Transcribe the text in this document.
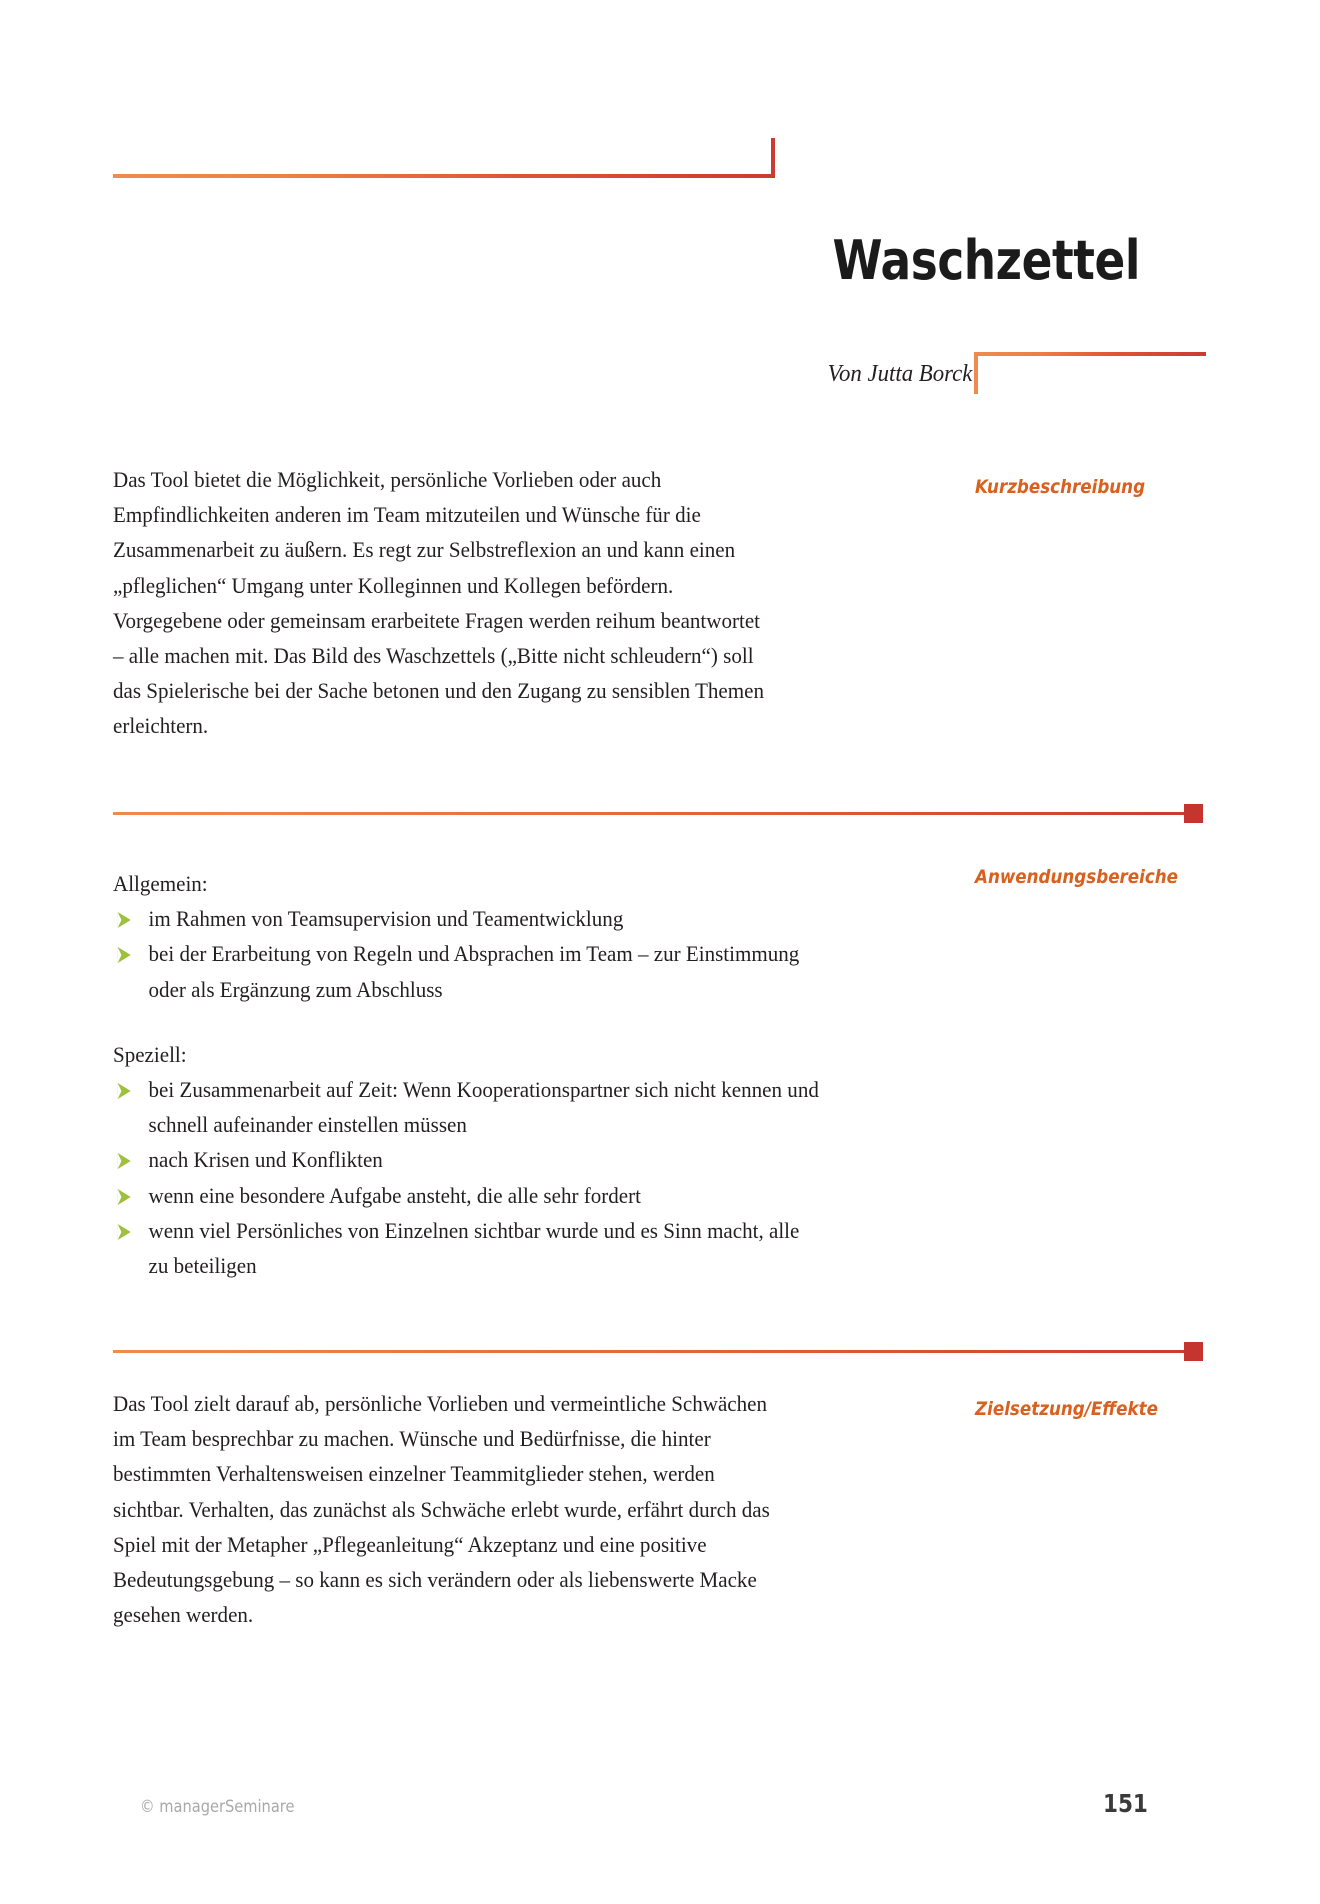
Waschzettel
Von Jutta Borck
Kurzbeschreibung

Das Tool bietet die Möglichkeit, persönliche Vorlieben oder auch Empfindlichkeiten anderen im Team mitzuteilen und Wünsche für die Zusammenarbeit zu äußern. Es regt zur Selbstreflexion an und kann einen „pfleglichen“ Umgang unter Kolleginnen und Kollegen befördern. Vorgegebene oder gemeinsam erarbeitete Fragen werden reihum beantwortet – alle machen mit. Das Bild des Waschzettels („Bitte nicht schleudern“) soll das Spielerische bei der Sache betonen und den Zugang zu sensiblen Themen erleichtern.

Anwendungsbereiche
Allgemein:
im Rahmen von Teamsupervision und Teamentwicklung
bei der Erarbeitung von Regeln und Absprachen im Team – zur Einstimmung oder als Ergänzung zum Abschluss
Speziell:
bei Zusammenarbeit auf Zeit: Wenn Kooperationspartner sich nicht kennen und schnell aufeinander einstellen müssen
nach Krisen und Konflikten
wenn eine besondere Aufgabe ansteht, die alle sehr fordert
wenn viel Persönliches von Einzelnen sichtbar wurde und es Sinn macht, alle zu beteiligen
Zielsetzung/Effekte

Das Tool zielt darauf ab, persönliche Vorlieben und vermeintliche Schwächen im Team besprechbar zu machen. Wünsche und Bedürfnisse, die hinter bestimmten Verhaltensweisen einzelner Teammitglieder stehen, werden sichtbar. Verhalten, das zunächst als Schwäche erlebt wurde, erfährt durch das Spiel mit der Metapher „Pflegeanleitung“ Akzeptanz und eine positive Bedeutungsgebung – so kann es sich verändern oder als liebenswerte Macke gesehen werden.

© managerSeminare	151
